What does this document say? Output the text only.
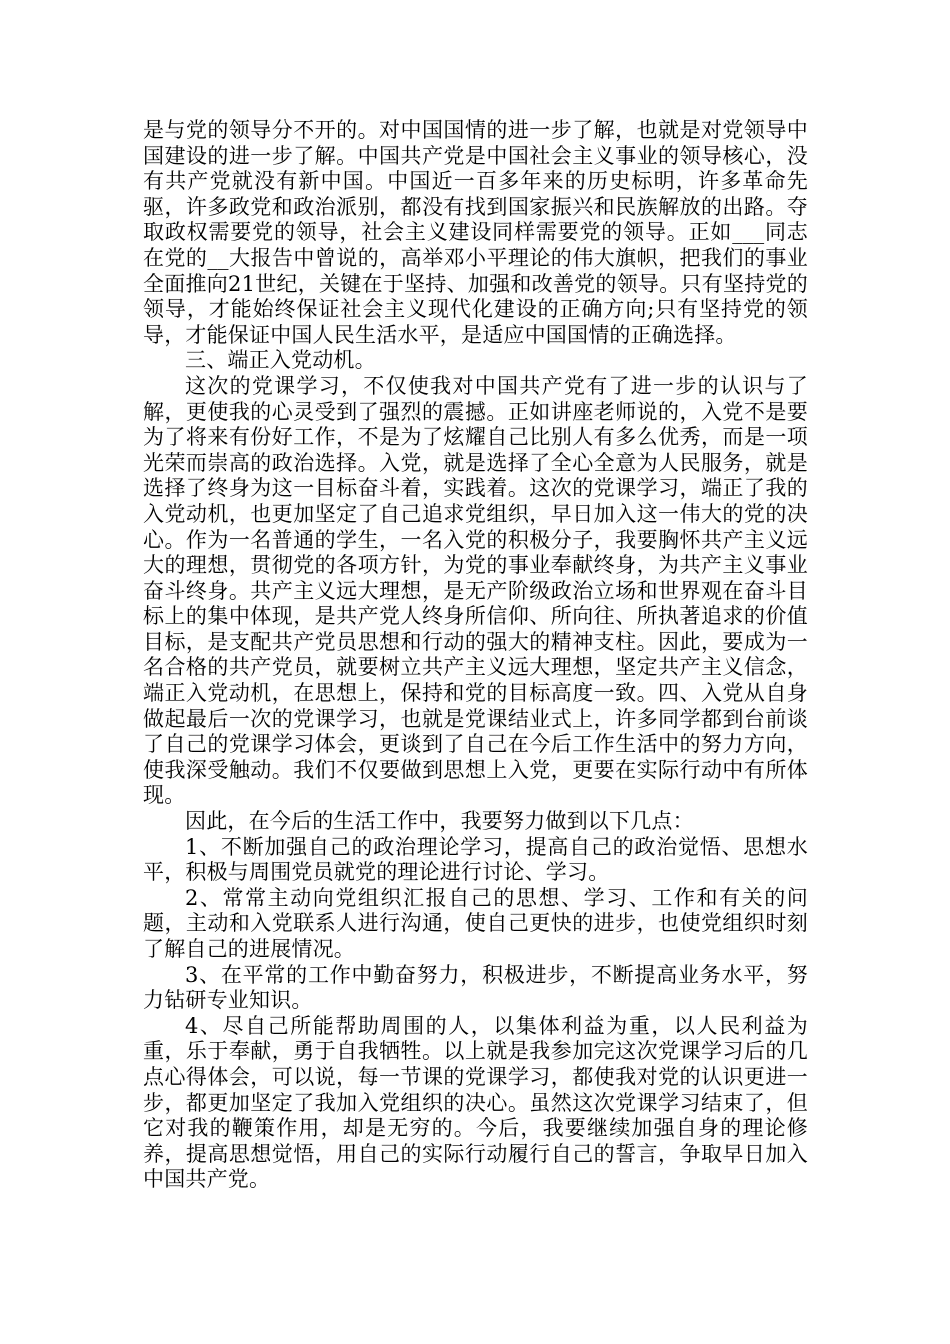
是与党的领导分不开的。对中国国情的进一步了解，也就是对党领导中国建设的进一步了解。中国共产党是中国社会主义事业的领导核心，没有共产党就没有新中国。中国近一百多年来的历史标明，许多革命先驱，许多政党和政治派别，都没有找到国家振兴和民族解放的出路。夺取政权需要党的领导，社会主义建设同样需要党的领导。正如___同志在党的__大报告中曾说的，高举邓小平理论的伟大旗帜，把我们的事业全面推向21世纪，关键在于坚持、加强和改善党的领导。只有坚持党的领导，才能始终保证社会主义现代化建设的正确方向;只有坚持党的领导，才能保证中国人民生活水平，是适应中国国情的正确选择。

三、端正入党动机。

这次的党课学习，不仅使我对中国共产党有了进一步的认识与了解，更使我的心灵受到了强烈的震撼。正如讲座老师说的，入党不是要为了将来有份好工作，不是为了炫耀自己比别人有多么优秀，而是一项光荣而崇高的政治选择。入党，就是选择了全心全意为人民服务，就是选择了终身为这一目标奋斗着，实践着。这次的党课学习，端正了我的入党动机，也更加坚定了自己追求党组织，早日加入这一伟大的党的决心。作为一名普通的学生，一名入党的积极分子，我要胸怀共产主义远大的理想，贯彻党的各项方针，为党的事业奉献终身，为共产主义事业奋斗终身。共产主义远大理想，是无产阶级政治立场和世界观在奋斗目标上的集中体现，是共产党人终身所信仰、所向往、所执著追求的价值目标，是支配共产党员思想和行动的强大的精神支柱。因此，要成为一名合格的共产党员，就要树立共产主义远大理想，坚定共产主义信念，端正入党动机，在思想上，保持和党的目标高度一致。四、入党从自身做起最后一次的党课学习，也就是党课结业式上，许多同学都到台前谈了自己的党课学习体会，更谈到了自己在今后工作生活中的努力方向，使我深受触动。我们不仅要做到思想上入党，更要在实际行动中有所体现。

因此，在今后的生活工作中，我要努力做到以下几点：

1、不断加强自己的政治理论学习，提高自己的政治觉悟、思想水平，积极与周围党员就党的理论进行讨论、学习。

2、常常主动向党组织汇报自己的思想、学习、工作和有关的问题，主动和入党联系人进行沟通，使自己更快的进步，也使党组织时刻了解自己的进展情况。

3、在平常的工作中勤奋努力，积极进步，不断提高业务水平，努力钻研专业知识。

4、尽自己所能帮助周围的人，以集体利益为重，以人民利益为重，乐于奉献，勇于自我牺牲。以上就是我参加完这次党课学习后的几点心得体会，可以说，每一节课的党课学习，都使我对党的认识更进一步，都更加坚定了我加入党组织的决心。虽然这次党课学习结束了，但它对我的鞭策作用，却是无穷的。今后，我要继续加强自身的理论修养，提高思想觉悟，用自己的实际行动履行自己的誓言，争取早日加入中国共产党。
